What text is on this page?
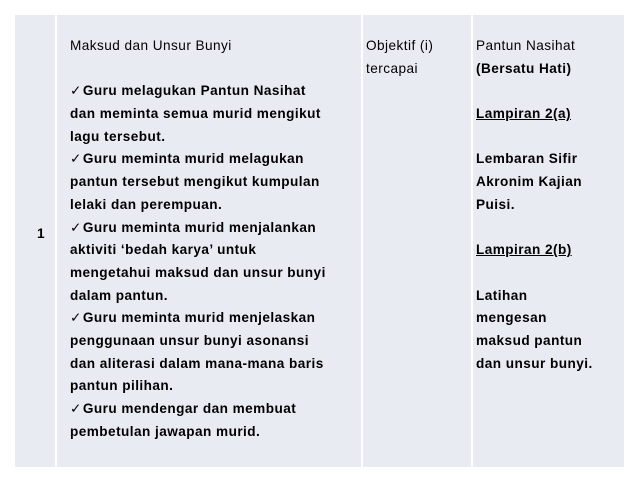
1
Maksud dan Unsur Bunyi
✓Guru melagukan Pantun Nasihat
dan meminta semua murid mengikut
lagu tersebut.
✓Guru meminta murid melagukan
pantun tersebut mengikut kumpulan
lelaki dan perempuan.
✓Guru meminta murid menjalankan
aktiviti ‘bedah karya’ untuk
mengetahui maksud dan unsur bunyi
dalam pantun.
✓Guru meminta murid menjelaskan
penggunaan unsur bunyi asonansi
dan aliterasi dalam mana-mana baris
pantun pilihan.
✓Guru mendengar dan membuat
pembetulan jawapan murid.
Objektif (i)
tercapai
Pantun Nasihat
(Bersatu Hati)
Lampiran 2(a)
Lembaran Sifir
Akronim Kajian
Puisi.
Lampiran 2(b)
Latihan
mengesan
maksud pantun
dan unsur bunyi.
